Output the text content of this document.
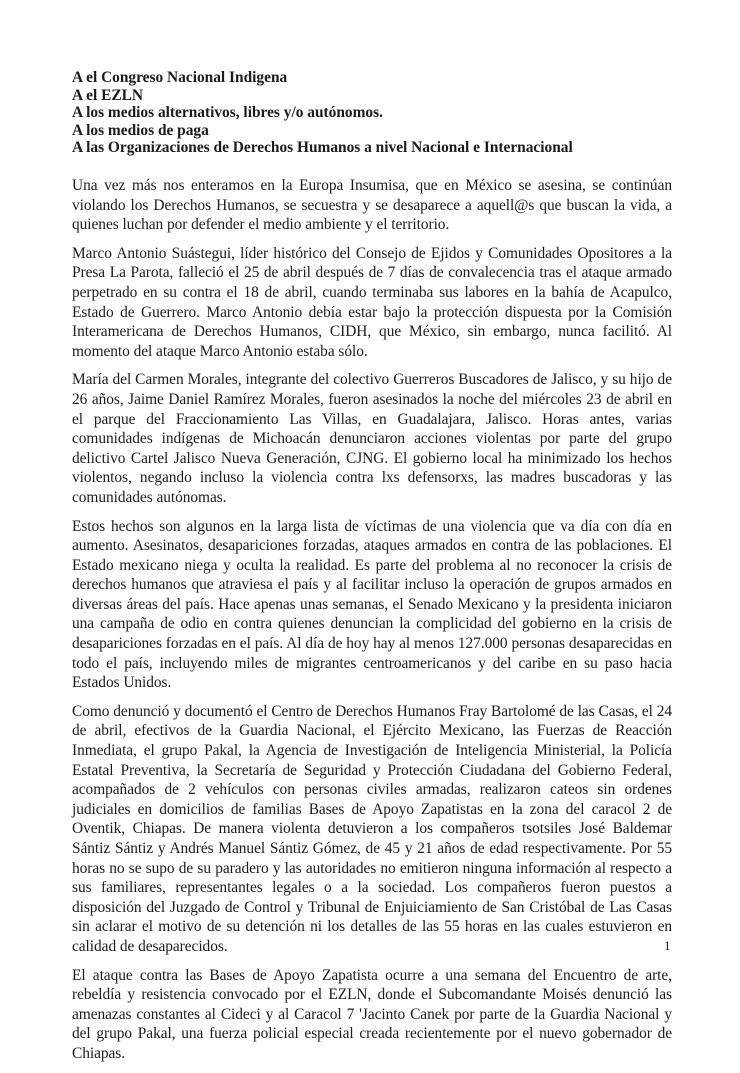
A el Congreso Nacional Indigena

A el EZLN

A los medios alternativos, libres y/o autónomos.

A los medios de paga

A las Organizaciones de Derechos Humanos a nivel Nacional e Internacional

Una vez más nos enteramos en la Europa Insumisa, que en México se asesina, se continúan violando los Derechos Humanos, se secuestra y se desaparece a aquell@s que buscan la vida, a quienes luchan por defender el medio ambiente y el territorio.

Marco Antonio Suástegui, líder histórico del Consejo de Ejidos y Comunidades Opositores a la Presa La Parota, falleció el 25 de abril después de 7 días de convalecencia tras el ataque armado perpetrado en su contra el 18 de abril, cuando terminaba sus labores en la bahía de Acapulco, Estado de Guerrero. Marco Antonio debía estar bajo la protección dispuesta por la Comisión Interamericana de Derechos Humanos, CIDH, que México, sin embargo, nunca facilitó. Al momento del ataque Marco Antonio estaba sólo.

María del Carmen Morales, integrante del colectivo Guerreros Buscadores de Jalisco, y su hijo de 26 años, Jaime Daniel Ramírez Morales, fueron asesinados la noche del miércoles 23 de abril en el parque del Fraccionamiento Las Villas, en Guadalajara, Jalisco. Horas antes, varias comunidades indígenas de Michoacán denunciaron acciones violentas por parte del grupo delictivo Cartel Jalisco Nueva Generación, CJNG. El gobierno local ha minimizado los hechos violentos, negando incluso la violencia contra lxs defensorxs, las madres buscadoras y las comunidades autónomas.

Estos hechos son algunos en la larga lista de víctimas de una violencia que va día con día en aumento. Asesinatos, desapariciones forzadas, ataques armados en contra de las poblaciones. El Estado mexicano niega y oculta la realidad. Es parte del problema al no reconocer la crisis de derechos humanos que atraviesa el país y al facilitar incluso la operación de grupos armados en diversas áreas del país. Hace apenas unas semanas, el Senado Mexicano y la presidenta iniciaron una campaña de odio en contra quienes denuncian la complicidad del gobierno en la crisis de desapariciones forzadas en el país. Al día de hoy hay al menos 127.000 personas desaparecidas en todo el país, incluyendo miles de migrantes centroamericanos y del caribe en su paso hacia Estados Unidos.

Como denunció y documentó el Centro de Derechos Humanos Fray Bartolomé de las Casas, el 24 de abril, efectivos de la Guardia Nacional, el Ejército Mexicano, las Fuerzas de Reacción Inmediata, el grupo Pakal, la Agencia de Investigación de Inteligencia Ministerial, la Policía Estatal Preventiva, la Secretaría de Seguridad y Protección Ciudadana del Gobierno Federal, acompañados de 2 vehículos con personas civiles armadas, realizaron cateos sin ordenes judiciales en domicilios de familias Bases de Apoyo Zapatistas en la zona del caracol 2 de Oventik, Chiapas. De manera violenta detuvieron a los compañeros tsotsiles José Baldemar Sántiz Sántiz y Andrés Manuel Sántiz Gómez, de 45 y 21 años de edad respectivamente. Por 55 horas no se supo de su paradero y las autoridades no emitieron ninguna información al respecto a sus familiares, representantes legales o a la sociedad. Los compañeros fueron puestos a disposición del Juzgado de Control y Tribunal de Enjuiciamiento de San Cristóbal de Las Casas sin aclarar el motivo de su detención ni los detalles de las 55 horas en las cuales estuvieron en calidad de desaparecidos.

El ataque contra las Bases de Apoyo Zapatista ocurre a una semana del Encuentro de arte, rebeldía y resistencia convocado por el EZLN, donde el Subcomandante Moisés denunció las amenazas constantes al Cideci y al Caracol 7 'Jacinto Canek por parte de la Guardia Nacional y del grupo Pakal, una fuerza policial especial creada recientemente por el nuevo gobernador de Chiapas.

1
